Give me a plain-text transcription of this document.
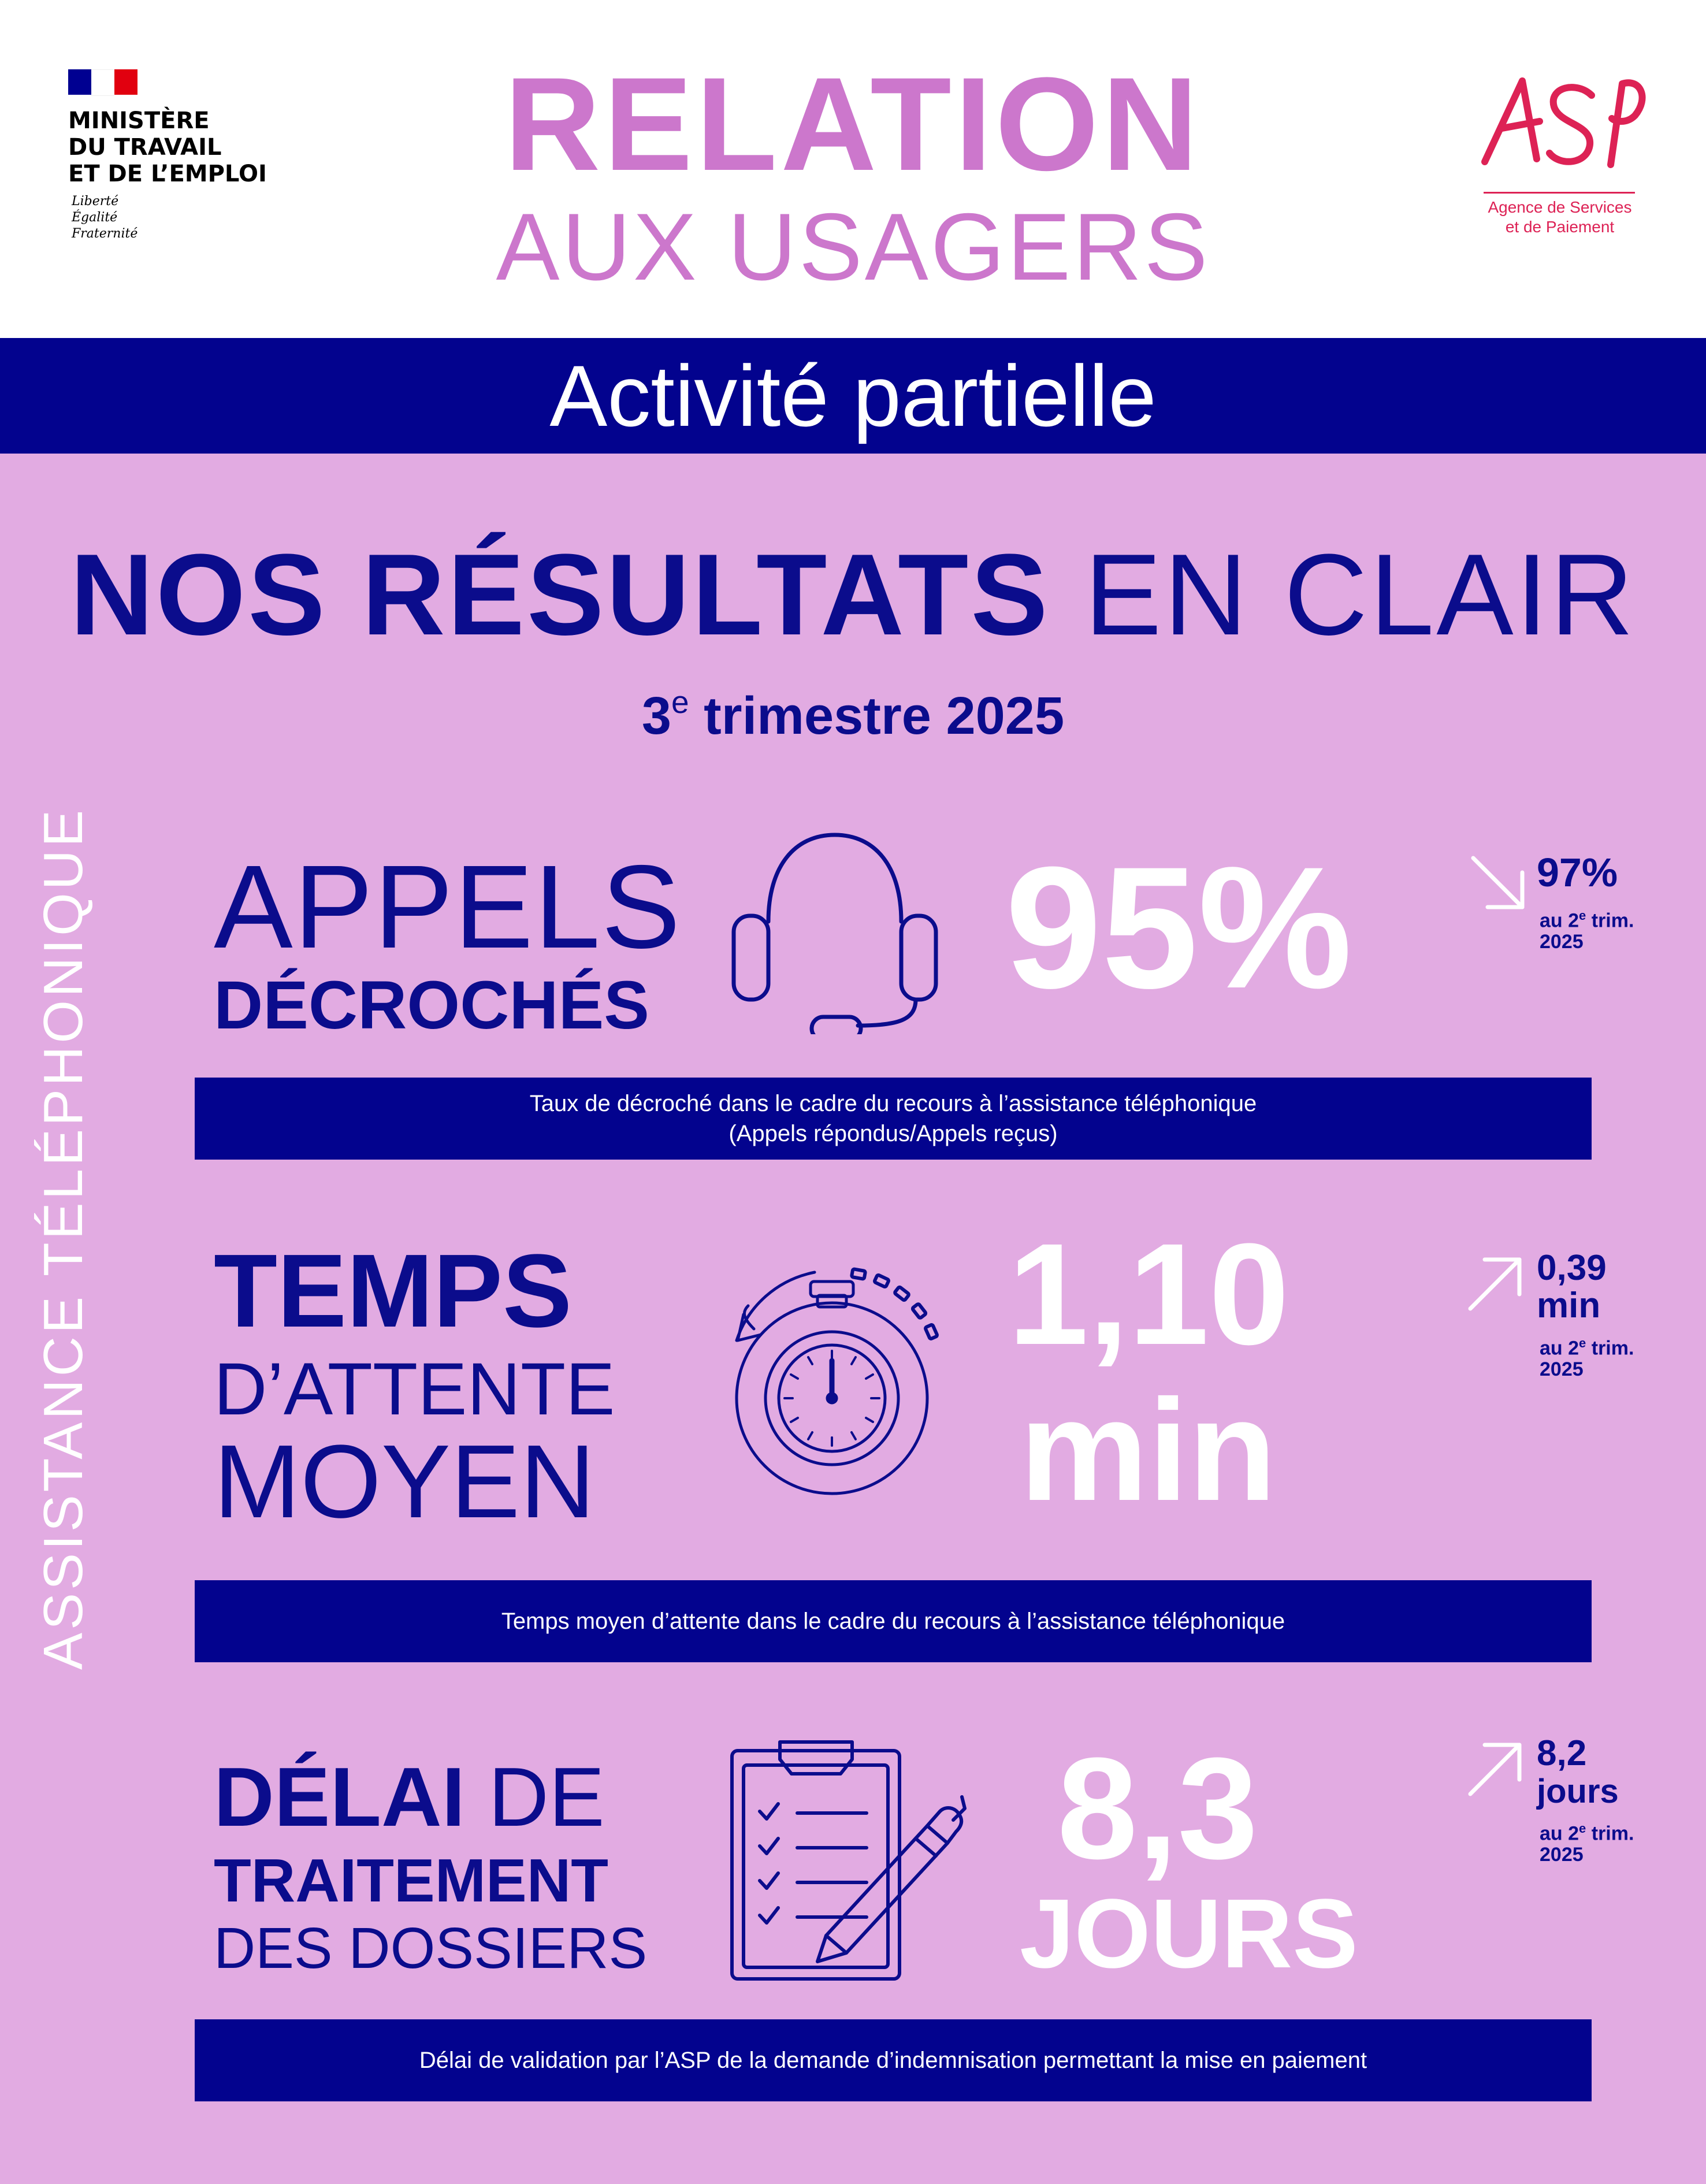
MINISTÈRE
DU TRAVAIL
ET DE L’EMPLOI
Liberté
Égalité
Fraternité
RELATION
AUX USAGERS	Agence de Services
et de Paiement
Activité partielle
NOS RÉSULTATS EN CLAIR
3e trimestre 2025
ASSISTANCE TÉLÉPHONIQUE APPELS
DÉCROCHÉS 95%	97%
au 2e trim.
2025
Taux de décroché dans le cadre du recours à l’assistance téléphonique
(Appels répondus/Appels reçus)
TEMPS
D’ATTENTE
MOYEN
1,10
min
0,39
min
au 2e trim.
2025
Temps moyen d’attente dans le cadre du recours à l’assistance téléphonique
DÉLAI DE
TRAITEMENT
DES DOSSIERS
8,3
JOURS
8,2
jours
au 2e trim.
2025
Délai de validation par l’ASP de la demande d’indemnisation permettant la mise en paiement
